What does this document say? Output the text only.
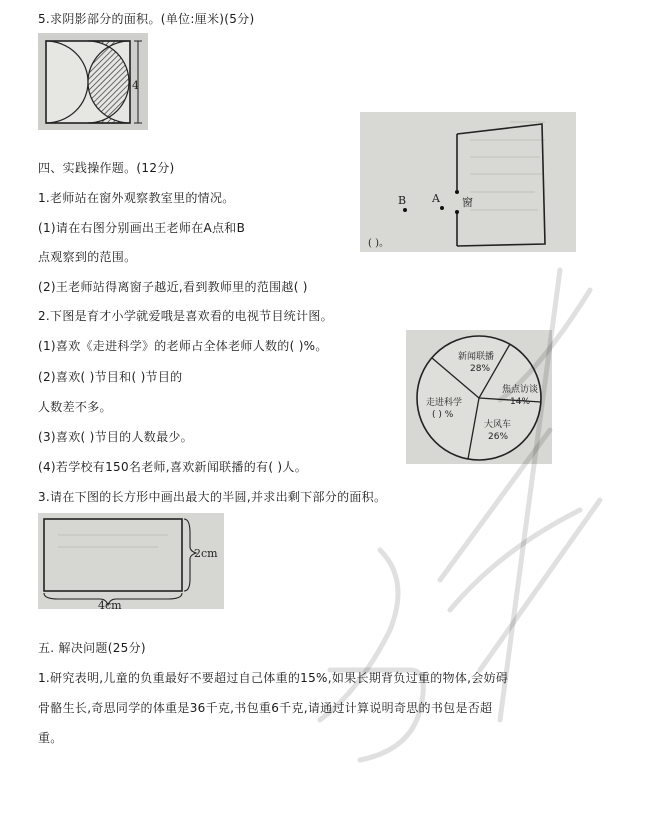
5.求阴影部分的面积。(单位:厘米)(5分)
4
四、实践操作题。(12分)
B A 窗
( )。
1.老师站在窗外观察教室里的情况。
(1)请在右图分别画出王老师在A点和B
点观察到的范围。
(2)王老师站得离窗子越近,看到教师里的范围越( )
2.下图是育才小学就爱哦是喜欢看的电视节目统计图。
(1)喜欢《走进科学》的老师占全体老师人数的( )%。
(2)喜欢( )节目和( )节目的
人数差不多。
(3)喜欢( )节目的人数最少。
(4)若学校有150名老师,喜欢新闻联播的有( )人。
新闻联播
28%
焦点访谈
14%
大风车
26%
走进科学
( ) %
3.请在下图的长方形中画出最大的半圆,并求出剩下部分的面积。
2cm
4cm
五. 解决问题(25分)
1.研究表明,儿童的负重最好不要超过自己体重的15%,如果长期背负过重的物体,会妨碍
骨骼生长,奇思同学的体重是36千克,书包重6千克,请通过计算说明奇思的书包是否超
重。
